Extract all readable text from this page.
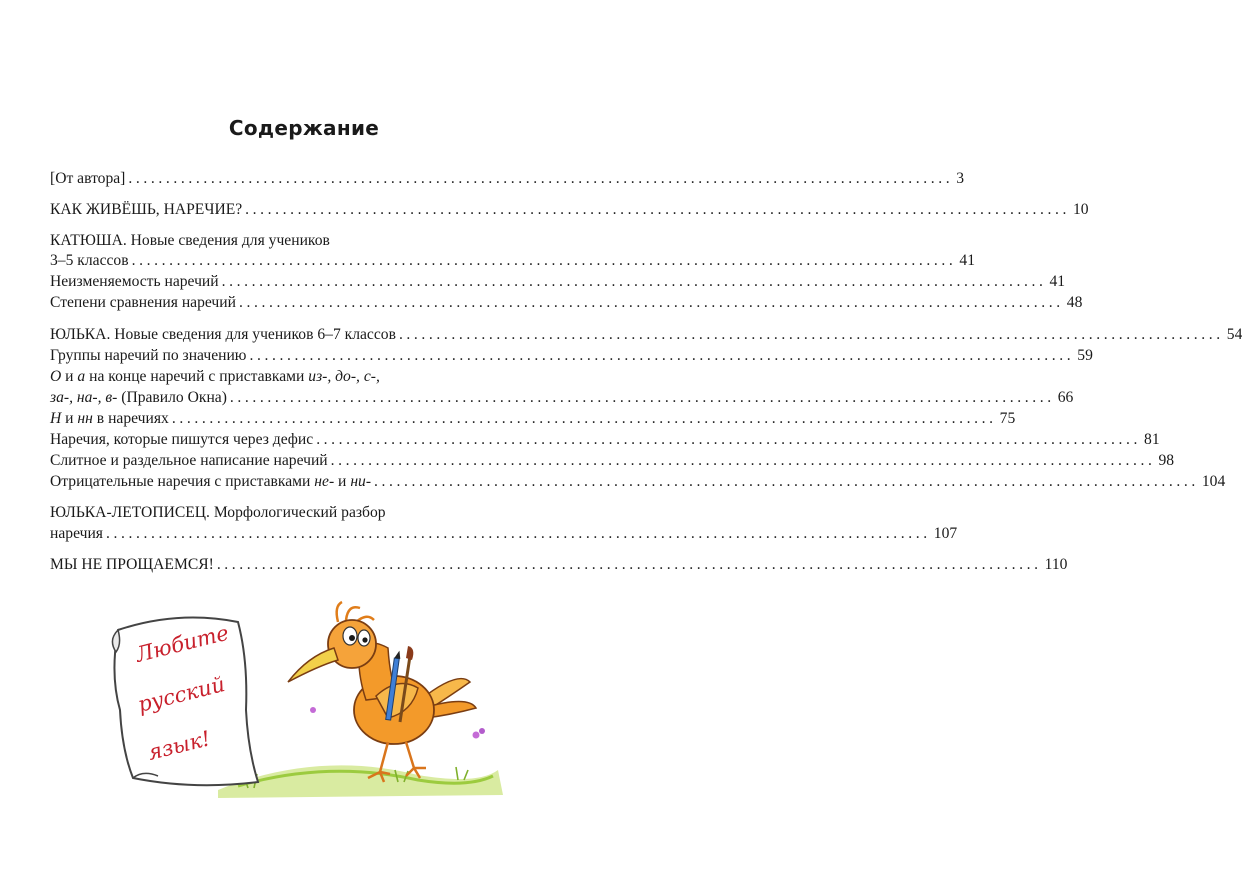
Содержание
[От автора] .............................................................................................................. 3
КАК ЖИВЁШЬ, НАРЕЧИЕ? .............................................................................................................. 10
КАТЮША. Новые сведения для учеников
3–5 классов .............................................................................................................. 41
Неизменяемость наречий .............................................................................................................. 41
Степени сравнения наречий .............................................................................................................. 48
ЮЛЬКА. Новые сведения для учеников 6–7 классов .............................................................................................................. 54
Группы наречий по значению .............................................................................................................. 59
О и а на конце наречий с приставками из-, до-, с-,
за-, на-, в- (Правило Окна) .............................................................................................................. 66
Н и нн в наречиях .............................................................................................................. 75
Наречия, которые пишутся через дефис .............................................................................................................. 81
Слитное и раздельное написание наречий .............................................................................................................. 98
Отрицательные наречия с приставками не- и ни- .............................................................................................................. 104
ЮЛЬКА-ЛЕТОПИСЕЦ. Морфологический разбор
наречия .............................................................................................................. 107
МЫ НЕ ПРОЩАЕМСЯ! .............................................................................................................. 110
Любите
русский
язык!
